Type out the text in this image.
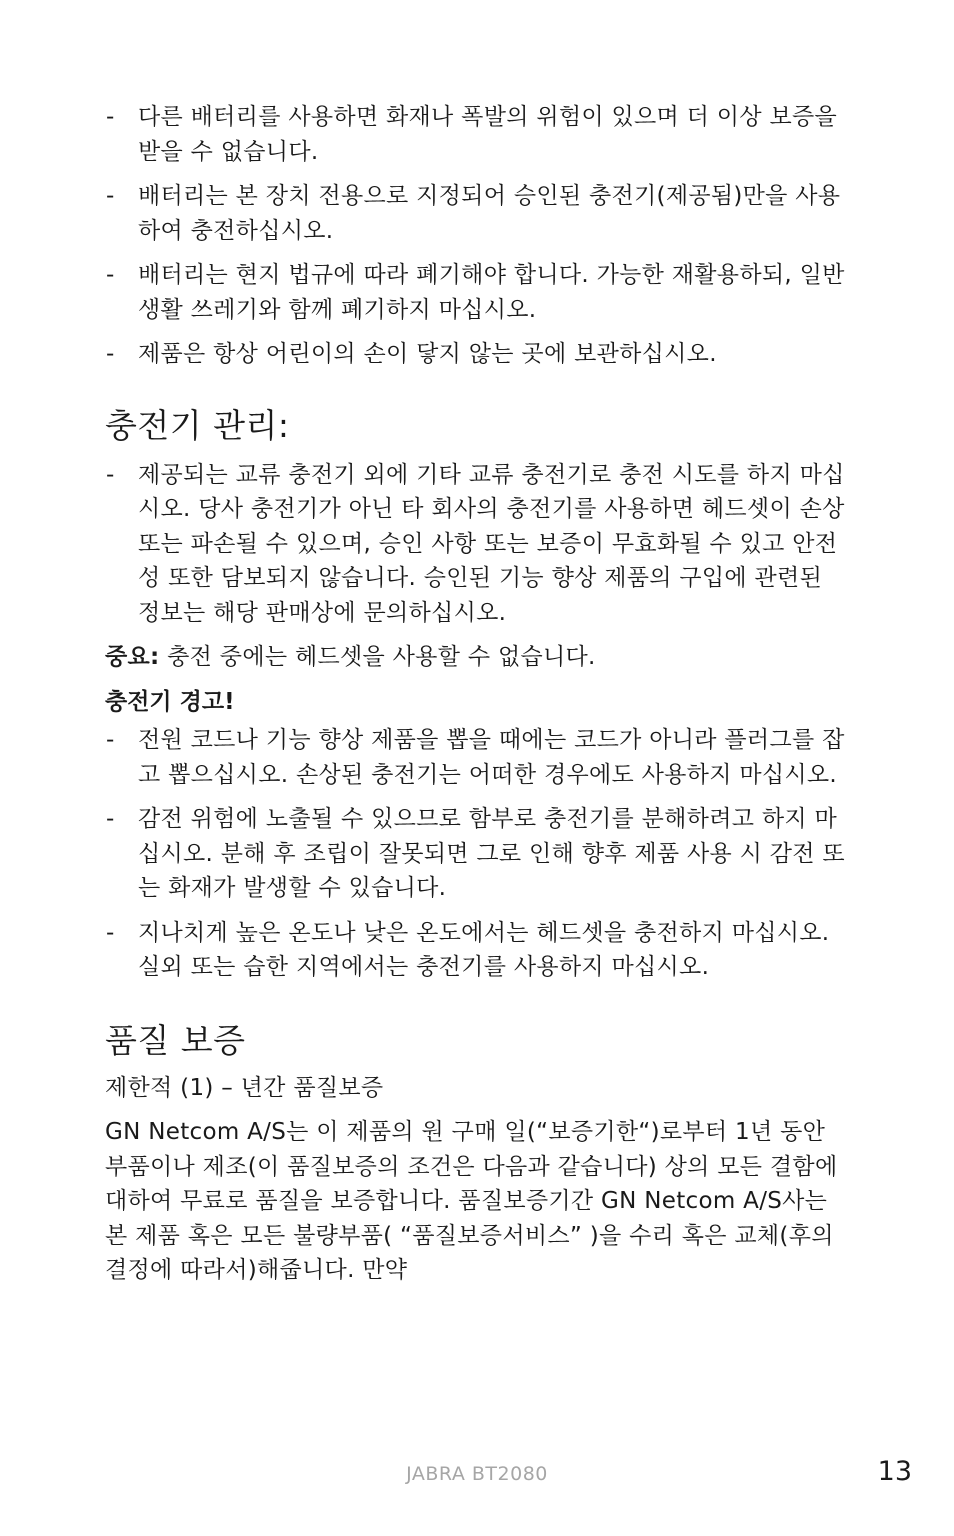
- 다른 배터리를 사용하면 화재나 폭발의 위험이 있으며 더 이상 보증을 받을 수 없습니다.
- 배터리는 본 장치 전용으로 지정되어 승인된 충전기(제공됨)만을 사용하여 충전하십시오.
- 배터리는 현지 법규에 따라 폐기해야 합니다. 가능한 재활용하되, 일반 생활 쓰레기와 함께 폐기하지 마십시오.
- 제품은 항상 어린이의 손이 닿지 않는 곳에 보관하십시오.
충전기 관리:
- 제공되는 교류 충전기 외에 기타 교류 충전기로 충전 시도를 하지 마십시오. 당사 충전기가 아닌 타 회사의 충전기를 사용하면 헤드셋이 손상 또는 파손될 수 있으며, 승인 사항 또는 보증이 무효화될 수 있고 안전성 또한 담보되지 않습니다. 승인된 기능 향상 제품의 구입에 관련된 정보는 해당 판매상에 문의하십시오.

중요: 충전 중에는 헤드셋을 사용할 수 없습니다.

충전기 경고!

- 전원 코드나 기능 향상 제품을 뽑을 때에는 코드가 아니라 플러그를 잡고 뽑으십시오. 손상된 충전기는 어떠한 경우에도 사용하지 마십시오.
- 감전 위험에 노출될 수 있으므로 함부로 충전기를 분해하려고 하지 마십시오. 분해 후 조립이 잘못되면 그로 인해 향후 제품 사용 시 감전 또는 화재가 발생할 수 있습니다.
- 지나치게 높은 온도나 낮은 온도에서는 헤드셋을 충전하지 마십시오. 실외 또는 습한 지역에서는 충전기를 사용하지 마십시오.
품질 보증

제한적 (1) – 년간 품질보증

GN Netcom A/S는 이 제품의 원 구매 일(“보증기한“)로부터 1년 동안 부품이나 제조(이 품질보증의 조건은 다음과 같습니다) 상의 모든 결함에 대하여 무료로 품질을 보증합니다. 품질보증기간 GN Netcom A/S사는 본 제품 혹은 모든 불량부품( “품질보증서비스” )을 수리 혹은 교체(후의 결정에 따라서)해줍니다. 만약

JABRA BT2080	13
